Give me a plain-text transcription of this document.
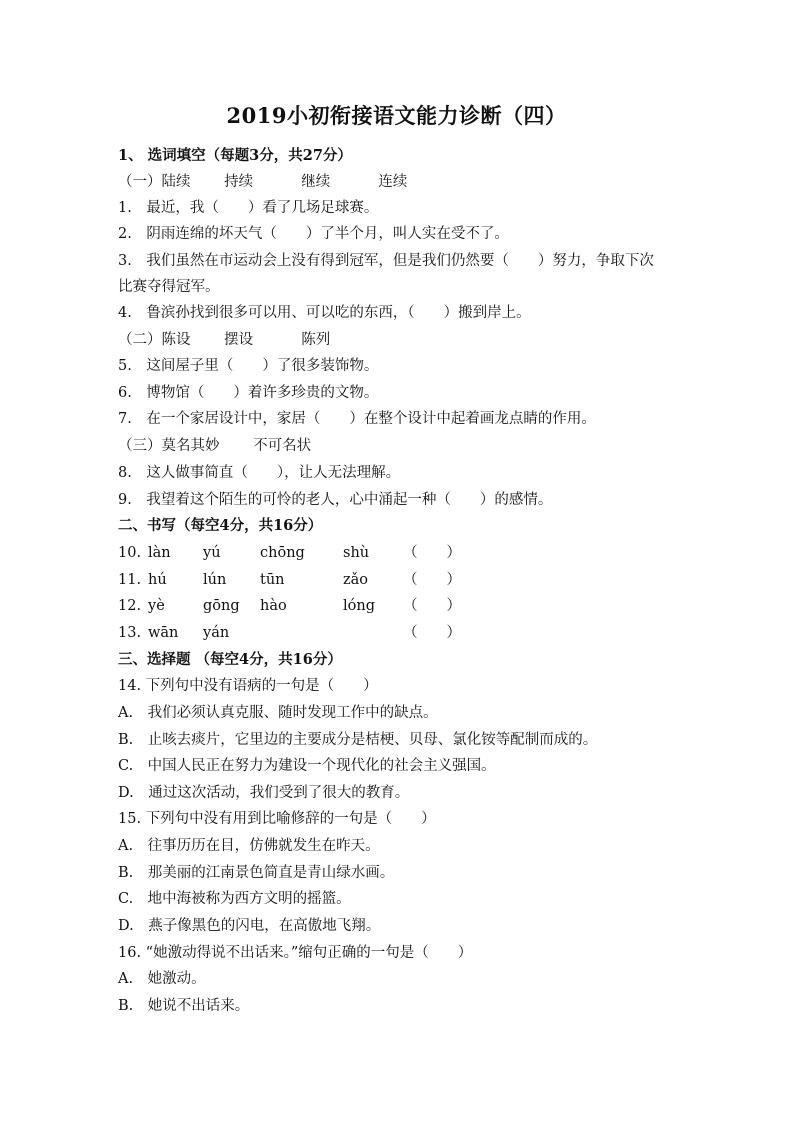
2019小初衔接语文能力诊断（四）
1、 选词填空（每题3分，共27分）
（一）陆续　　 持续　　　 继续　　　 连续
1.　最近，我（　　）看了几场足球赛。
2.　阴雨连绵的坏天气（　　）了半个月，叫人实在受不了。
3.　我们虽然在市运动会上没有得到冠军，但是我们仍然要（　　）努力，争取下次
比赛夺得冠军。
4.　鲁滨孙找到很多可以用、可以吃的东西，（　　）搬到岸上。
（二）陈设　　 摆设　　　 陈列
5.　这间屋子里（　　）了很多装饰物。
6.　博物馆（　　）着许多珍贵的文物。
7.　在一个家居设计中，家居（　　）在整个设计中起着画龙点睛的作用。
（三）莫名其妙　　 不可名状
8.　这人做事简直（　　），让人无法理解。
9.　我望着这个陌生的可怜的老人，心中涌起一种（　　）的感情。
二、书写（每空4分，共16分）
10. làn yú	chōng	shù （　　）
11. hú	lún tūn	zǎo （　　）
12. yè	gōng hào	lóng （　　）
13. wān yán	（　　）
三、选择题 （每空4分，共16分）
14. 下列句中没有语病的一句是（　　）
A.　我们必须认真克服、随时发现工作中的缺点。
B.　止咳去痰片，它里边的主要成分是桔梗、贝母、氯化铵等配制而成的。
C.　中国人民正在努力为建设一个现代化的社会主义强国。
D.　通过这次活动，我们受到了很大的教育。
15. 下列句中没有用到比喻修辞的一句是（　　）
A.　往事历历在目，仿佛就发生在昨天。
B.　那美丽的江南景色简直是青山绿水画。
C.　地中海被称为西方文明的摇篮。
D.　燕子像黑色的闪电，在高傲地飞翔。
16. “她激动得说不出话来。”缩句正确的一句是（　　）
A.　她激动。
B.　她说不出话来。
